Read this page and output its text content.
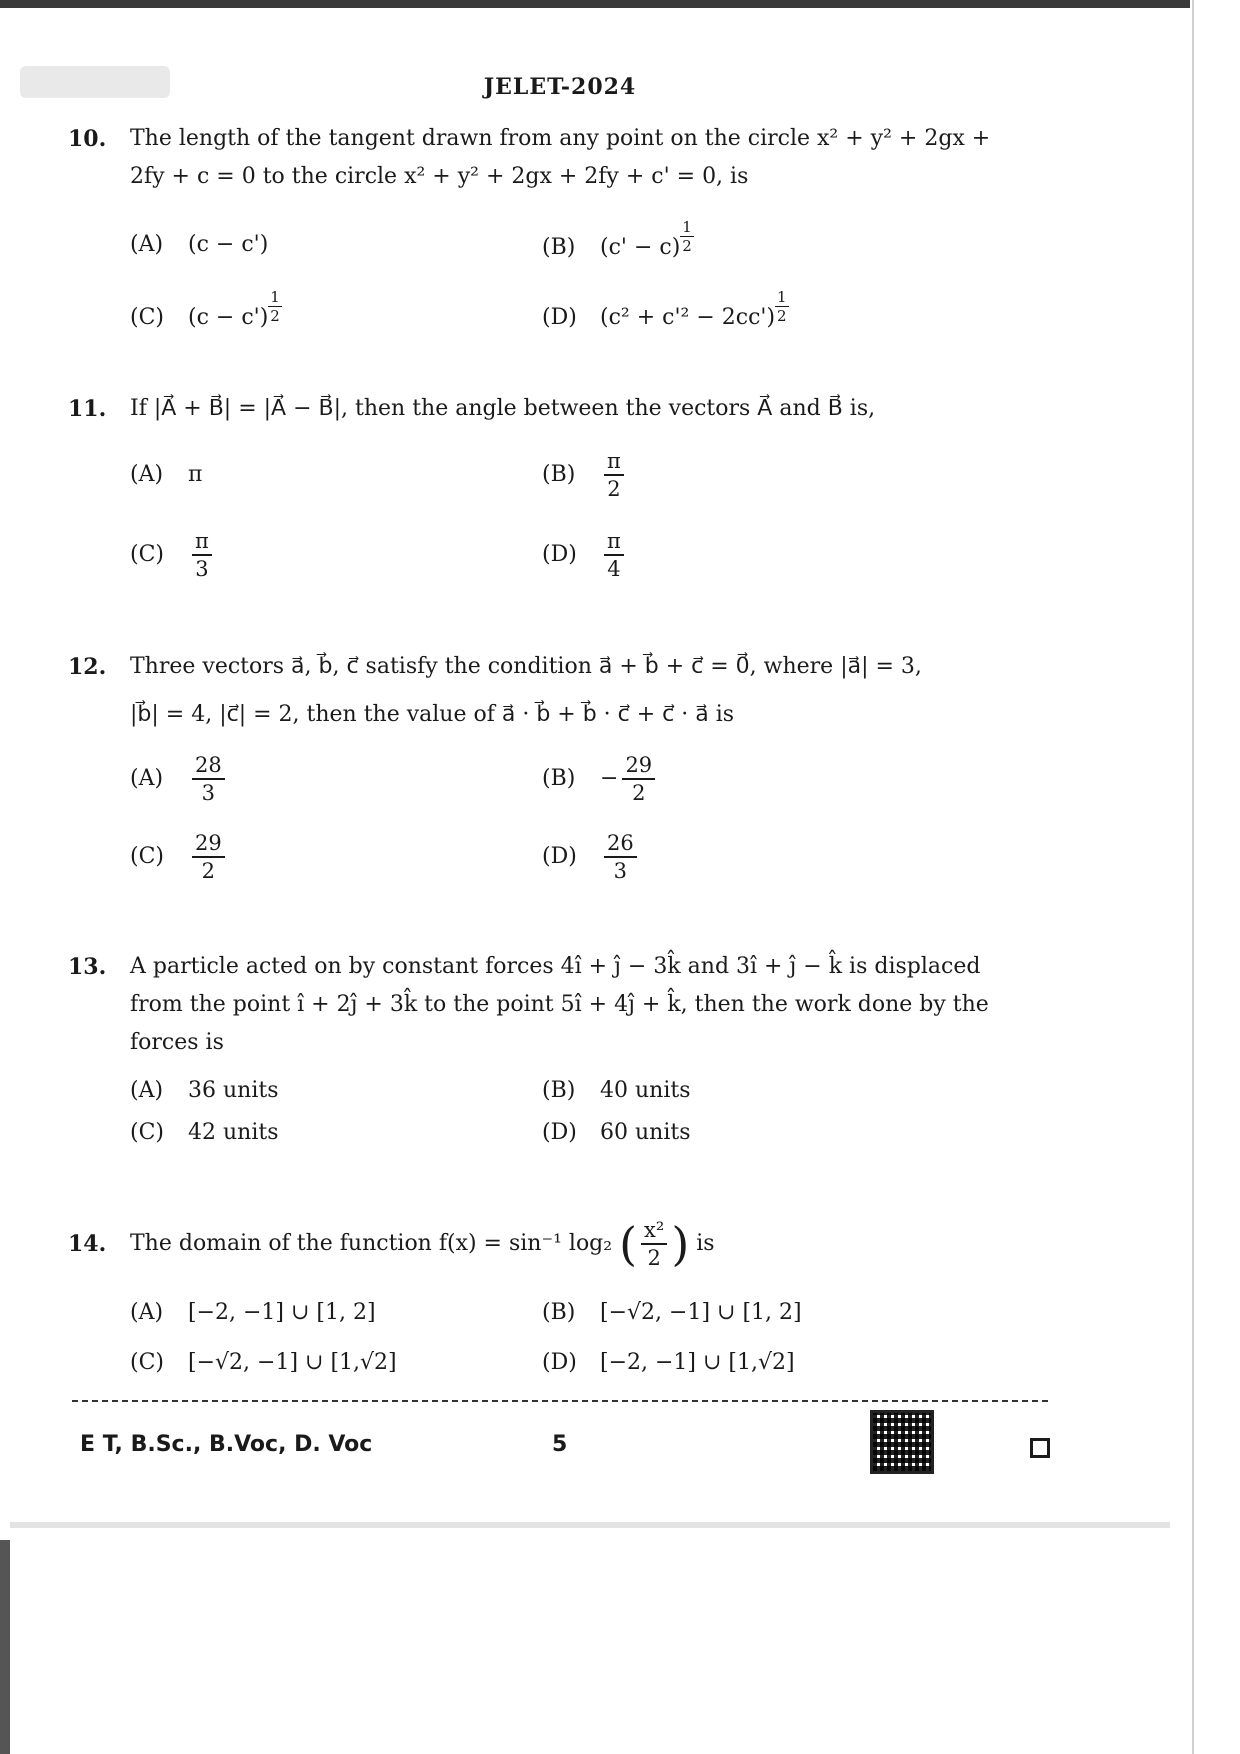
JELET-2024
10. The length of the tangent drawn from any point on the circle x² + y² + 2gx +
2fy + c = 0 to the circle x² + y² + 2gx + 2fy + c' = 0, is
(A) (c − c')	(B) $(c' - c) \frac{1}{2}$
(C) $(c - c') \frac{1}{2}$	(D) $(c^2 + c'^2 - 2cc') \frac{1}{2}$
11. If |A⃗ + B⃗| = |A⃗ − B⃗|, then the angle between the vectors A⃗ and B⃗ is,
(A) π	$(B) \frac{\pi}{2}$
$(C) \frac{\pi}{3}$	$(D) \frac{\pi}{4}$
12. Three vectors a⃗, b⃗, c⃗ satisfy the condition a⃗ + b⃗ + c⃗ = 0⃗, where |a⃗| = 3,
|b⃗| = 4, |c⃗| = 2, then the value of a⃗ · b⃗ + b⃗ · c⃗ + c⃗ · a⃗ is
$(A) \frac{28}{3}$	$(B) - \frac{29}{2}$
$(C) \frac{29}{2}$	$(D) \frac{26}{3}$
13. A particle acted on by constant forces 4î + ĵ − 3k̂ and 3î + ĵ − k̂ is displaced
from the point î + 2ĵ + 3k̂ to the point 5î + 4ĵ + k̂, then the work done by the
forces is
(A) 36 units	(B) 40 units
(C) 42 units	(D) 60 units
14. The domain of the function f(x) = sin⁻¹ log₂ ( $\frac{\text{x²}}{2}$ ) is
(A) [−2, −1] ∪ [1, 2]	(B) [−√2, −1] ∪ [1, 2]
(C) [−√2, −1] ∪ [1,√2]	(D) [−2, −1] ∪ [1,√2]
E T, B.Sc., B.Voc, D. Voc	5
